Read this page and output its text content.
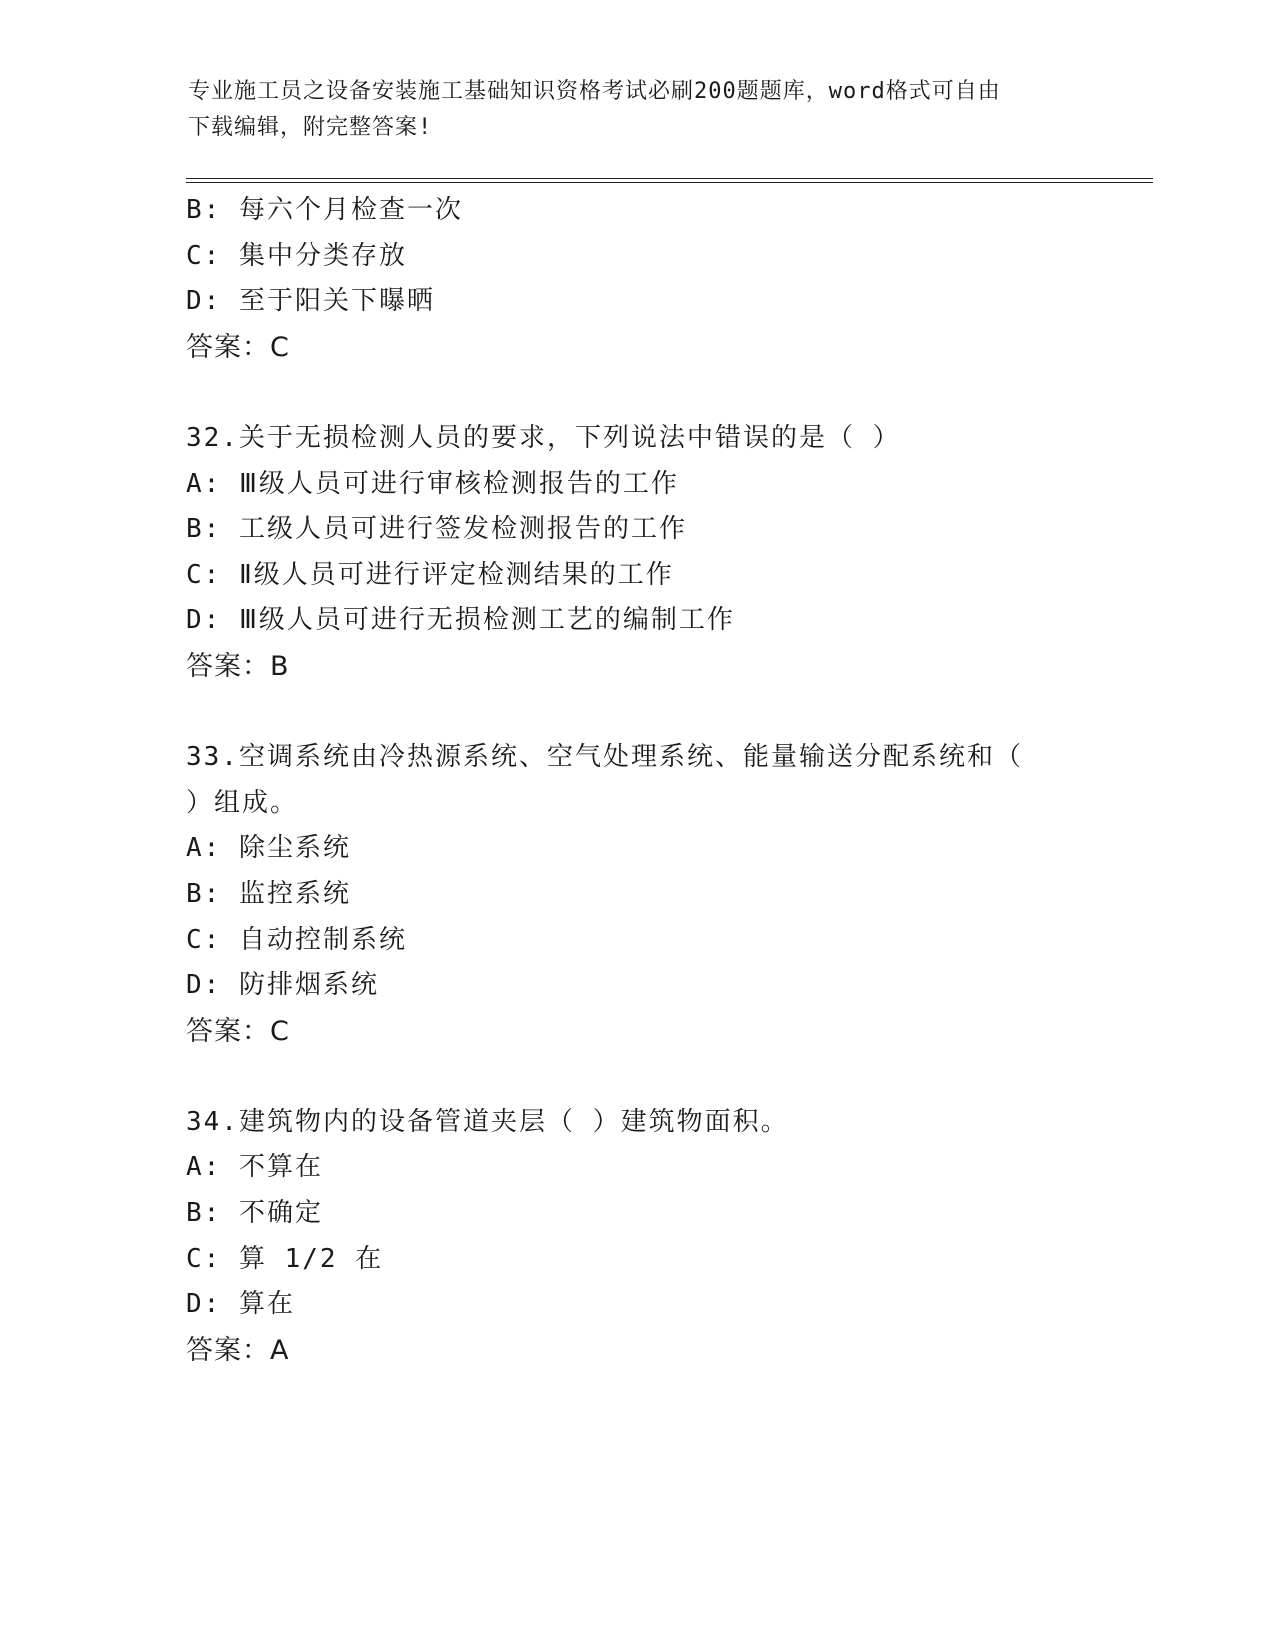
专业施工员之设备安装施工基础知识资格考试必刷200题题库，word格式可自由
下载编辑，附完整答案!
B: 每六个月检查一次
C: 集中分类存放
D: 至于阳关下曝晒
答案：C
32.关于无损检测人员的要求，下列说法中错误的是（ ）
A: Ⅲ级人员可进行审核检测报告的工作
B: 工级人员可进行签发检测报告的工作
C: Ⅱ级人员可进行评定检测结果的工作
D: Ⅲ级人员可进行无损检测工艺的编制工作
答案：B
33.空调系统由冷热源系统、空气处理系统、能量输送分配系统和（
）组成。
A: 除尘系统
B: 监控系统
C: 自动控制系统
D: 防排烟系统
答案：C
34.建筑物内的设备管道夹层（ ）建筑物面积。
A: 不算在
B: 不确定
C: 算 1/2 在
D: 算在
答案：A
